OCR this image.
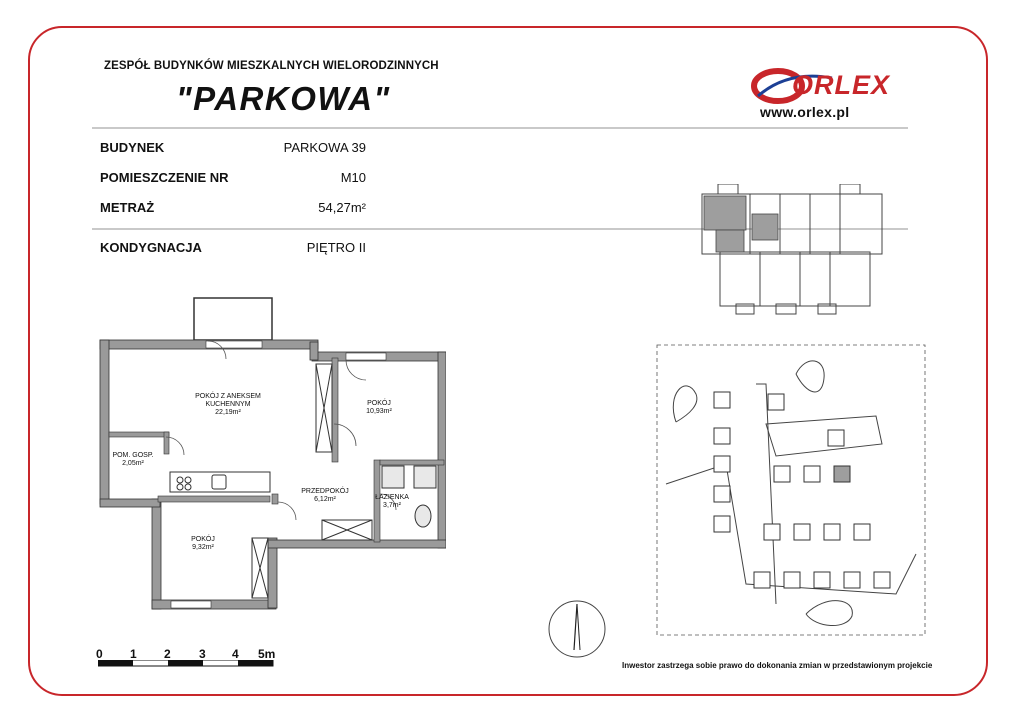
ZESPÓŁ BUDYNKÓW MIESZKALNYCH WIELORODZINNYCH
"PARKOWA"	ORLEX
www.orlex.pl
BUDYNEK	PARKOWA 39
POMIESZCZENIE NR	M10
METRAŻ	54,27m²
KONDYGNACJA	PIĘTRO II
POKÓJ Z ANEKSEM
KUCHENNYM
22,19m²
POKÓJ
10,93m²
POM. GOSP.
2,05m²
PRZEDPOKÓJ
6,12m²	ŁAZIENKA
3,7m²
POKÓJ
9,32m²
0 1 2 3 4 5m
Inwestor zastrzega sobie prawo do dokonania zmian w przedstawionym projekcie
